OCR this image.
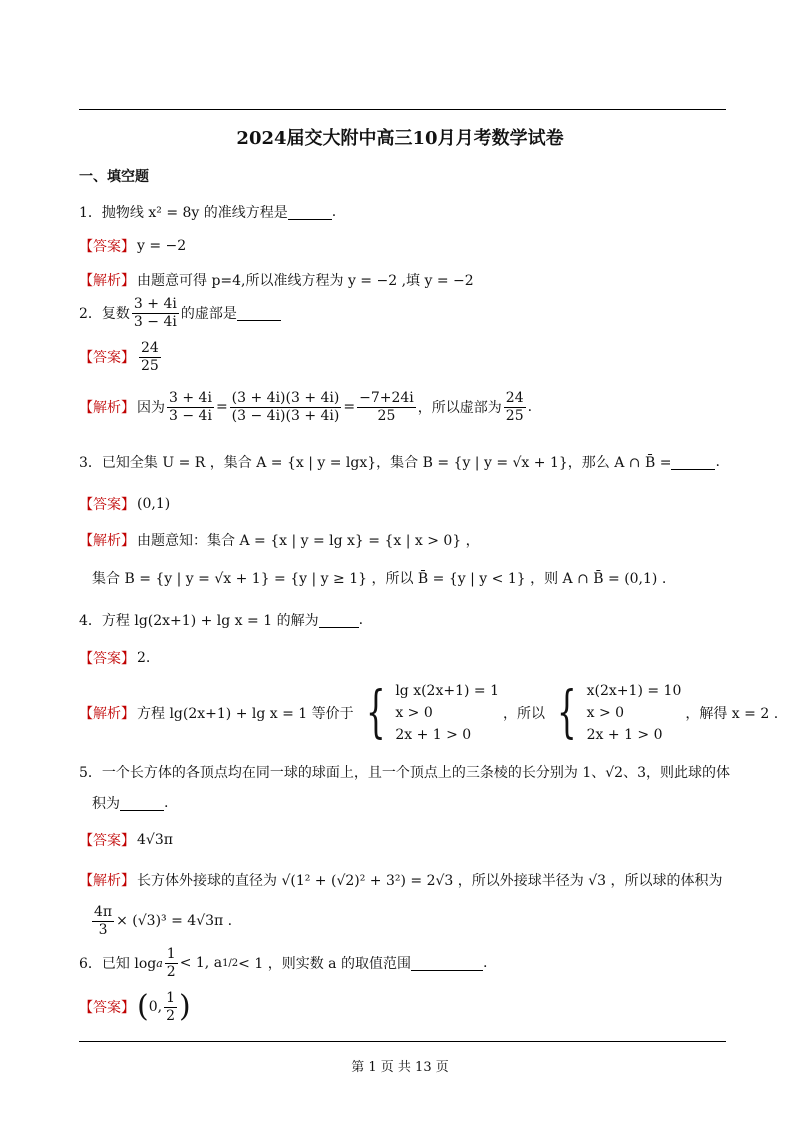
2024届交大附中高三10月月考数学试卷
一、填空题
1．抛物线 x² = 8y 的准线方程是	.
【答案】 y = −2
【解析】 由题意可得 p=4,所以准线方程为 y = −2 ,填 y = −2
2．复数 $\frac{3 + 4i}{3 - 4i}$ 的虚部是
【答案】 $\frac{24}{25}$
【解析】 因为 $\frac{3 + 4i}{3 - 4i} = \frac{(3 + 4i)(3 + 4i)}{(3 - 4i)(3 + 4i)} = \frac{-7+24i}{25}$ ，所以虚部为 $\frac{24}{25}$ .
3．已知全集 U = R ，集合 A = {x | y = lgx}，集合 B = {y | y = √x + 1}，那么 A ∩ B̄ =	.
【答案】 (0,1)
【解析】 由题意知：集合 A = {x | y = lg x} = {x | x > 0} ，
集合 B = {y | y = √x + 1} = {y | y ≥ 1} ，所以 B̄ = {y | y < 1} ，则 A ∩ B̄ = (0,1) .
4．方程 lg(2x+1) + lg x = 1 的解为	.
【答案】 2.
【解析】 方程 lg(2x+1) + lg x = 1 等价于 { lg x(2x+1) = 1
x > 0
2x + 1 > 0
，所以 { x(2x+1) = 10
x > 0
2x + 1 > 0
，解得 x = 2 .
5．一个长方体的各顶点均在同一球的球面上，且一个顶点上的三条棱的长分别为 1、√2、3，则此球的体
积为	.
【答案】 4√3π
【解析】 长方体外接球的直径为 √(1² + (√2)² + 3²) = 2√3 ，所以外接球半径为 √3 ，所以球的体积为
$\frac{4\pi}{3} \times (√3)^3 = 4√3\pi$ .
6．已知 log a $\frac{1}{2} < 1$, a 1/2 < 1 ，则实数 a 的取值范围	.
【答案】 ( 0, $\frac{1}{2}$ )
第 1 页 共 13 页
